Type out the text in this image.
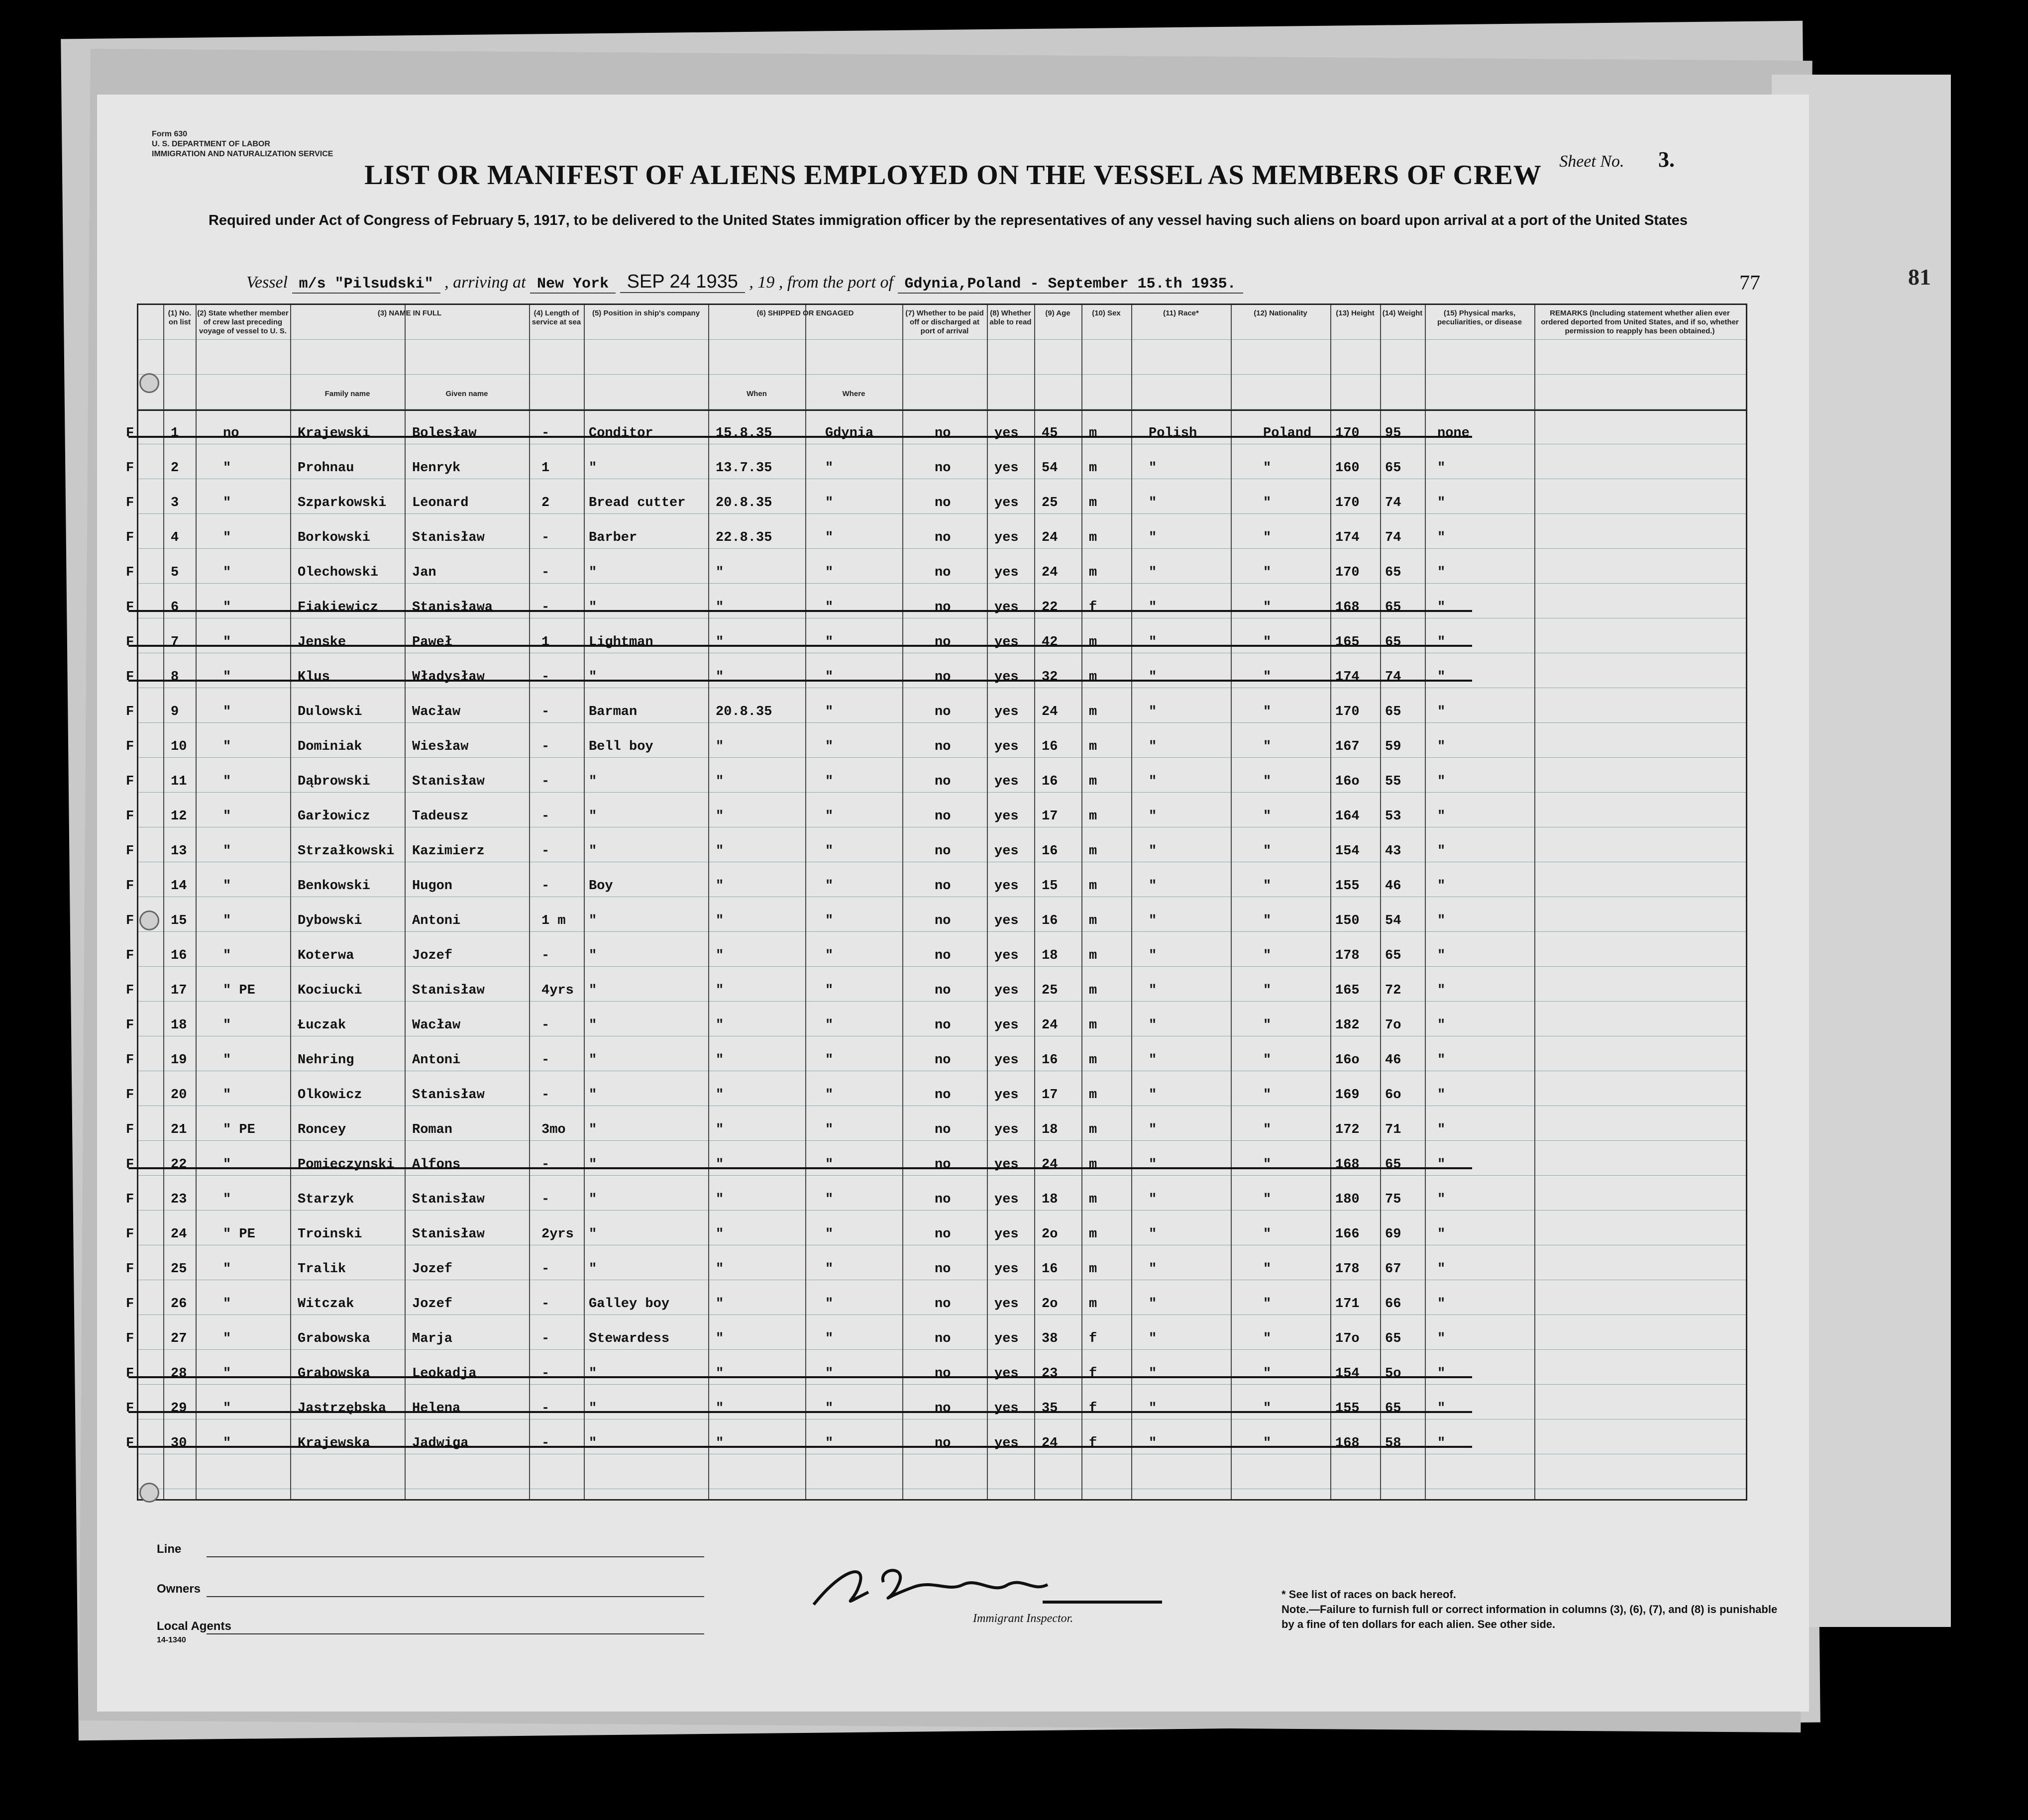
81
Form 630
U. S. DEPARTMENT OF LABOR
IMMIGRATION AND NATURALIZATION SERVICE	Sheet No. 3.
LIST OR MANIFEST OF ALIENS EMPLOYED ON THE VESSEL AS MEMBERS OF CREW
Required under Act of Congress of February 5, 1917, to be delivered to the United States immigration officer by the representatives of any vessel having such aliens on board upon arrival at a port of the United States
Vessel m/s "Pilsudski" , arriving at New York SEP 24 1935 , 19 , from the port of Gdynia,Poland - September 15.th 1935.	77
(1) No. on list
(2) State whether member of crew last preceding voyage of vessel to U. S.
(3) NAME IN FULL
Family name	Given name
(4) Length of service at sea
(5) Position in ship's company	(6) SHIPPED OR ENGAGED
When	Where
(7) Whether to be paid off or discharged at port of arrival
(8) Whether able to read
(9) Age	(10) Sex	(11) Race*	(12) Nationality	(13) Height	(14) Weight	(15) Physical marks, peculiarities, or disease
REMARKS (Including statement whether alien ever ordered deported from United States, and if so, whether permission to reapply has been obtained.)
F	1	no	Krajewski	Bolesław	-	Conditor	15.8.35	Gdynia	no	yes 45 m	Polish	Poland 170 95	none
F	2	"	Prohnau	Henryk	1	"	13.7.35	"	no	yes 54 m	"	"	160 65	"
F	3	"	Szparkowski Leonard	2	Bread cutter 20.8.35	"	no	yes 25 m	"	"	170 74	"
F	4	"	Borkowski	Stanisław	-	Barber	22.8.35	"	no	yes 24 m	"	"	174 74	"
F	5	"	Olechowski	Jan	-	"	"	"	no	yes 24 m	"	"	170 65	"
F	6	"	Fiakiewicz	Stanisława	-	"	"	"	no	yes 22 f	"	"	168 65	"
F	7	"	Jenske	Paweł	1	Lightman	"	"	no	yes 42 m	"	"	165 65	"
F	8	"	Klus	Władysław	-	"	"	"	no	yes 32 m	"	"	174 74	"
F	9	"	Dulowski	Wacław	-	Barman	20.8.35	"	no	yes 24 m	"	"	170 65	"
F	10	"	Dominiak	Wiesław	-	Bell boy	"	"	no	yes 16 m	"	"	167 59	"
F	11	"	Dąbrowski	Stanisław	-	"	"	"	no	yes 16 m	"	"	16o 55	"
F	12	"	Garłowicz	Tadeusz	-	"	"	"	no	yes 17 m	"	"	164 53	"
F	13	"	Strzałkowski Kazimierz	-	"	"	"	no	yes 16 m	"	"	154 43	"
F	14	"	Benkowski	Hugon	-	Boy	"	"	no	yes 15 m	"	"	155 46	"
F	15	"	Dybowski	Antoni	1 m "	"	"	no	yes 16 m	"	"	150 54	"
F	16	"	Koterwa	Jozef	-	"	"	"	no	yes 18 m	"	"	178 65	"
F	17	" PE	Kociucki	Stanisław	4yrs "	"	"	no	yes 25 m	"	"	165 72	"
F	18	"	Łuczak	Wacław	-	"	"	"	no	yes 24 m	"	"	182 7o	"
F	19	"	Nehring	Antoni	-	"	"	"	no	yes 16 m	"	"	16o 46	"
F	20	"	Olkowicz	Stanisław	-	"	"	"	no	yes 17 m	"	"	169 6o	"
F	21	" PE	Roncey	Roman	3mo "	"	"	no	yes 18 m	"	"	172 71	"
F	22	"	Pomieczynski Alfons	-	"	"	"	no	yes 24 m	"	"	168 65	"
F	23	"	Starzyk	Stanisław	-	"	"	"	no	yes 18 m	"	"	180 75	"
F	24	" PE	Troinski	Stanisław	2yrs "	"	"	no	yes 2o m	"	"	166 69	"
F	25	"	Tralik	Jozef	-	"	"	"	no	yes 16 m	"	"	178 67	"
F	26	"	Witczak	Jozef	-	Galley boy	"	"	no	yes 2o m	"	"	171 66	"
F	27	"	Grabowska	Marja	-	Stewardess	"	"	no	yes 38 f	"	"	17o 65	"
F	28	"	Grabowska	Leokadja	-	"	"	"	no	yes 23 f	"	"	154 5o	"
F	29	"	Jastrzębska Helena	-	"	"	"	no	yes 35 f	"	"	155 65	"
F	30	"	Krajewska	Jadwiga	-	"	"	"	no	yes 24 f	"	"	168 58	"
Line
Owners
Local Agents
14-1340
Immigrant Inspector.
* See list of races on back hereof.
Note.—Failure to furnish full or correct information in columns (3), (6), (7), and (8) is punishable by a fine of ten dollars for each alien. See other side.
